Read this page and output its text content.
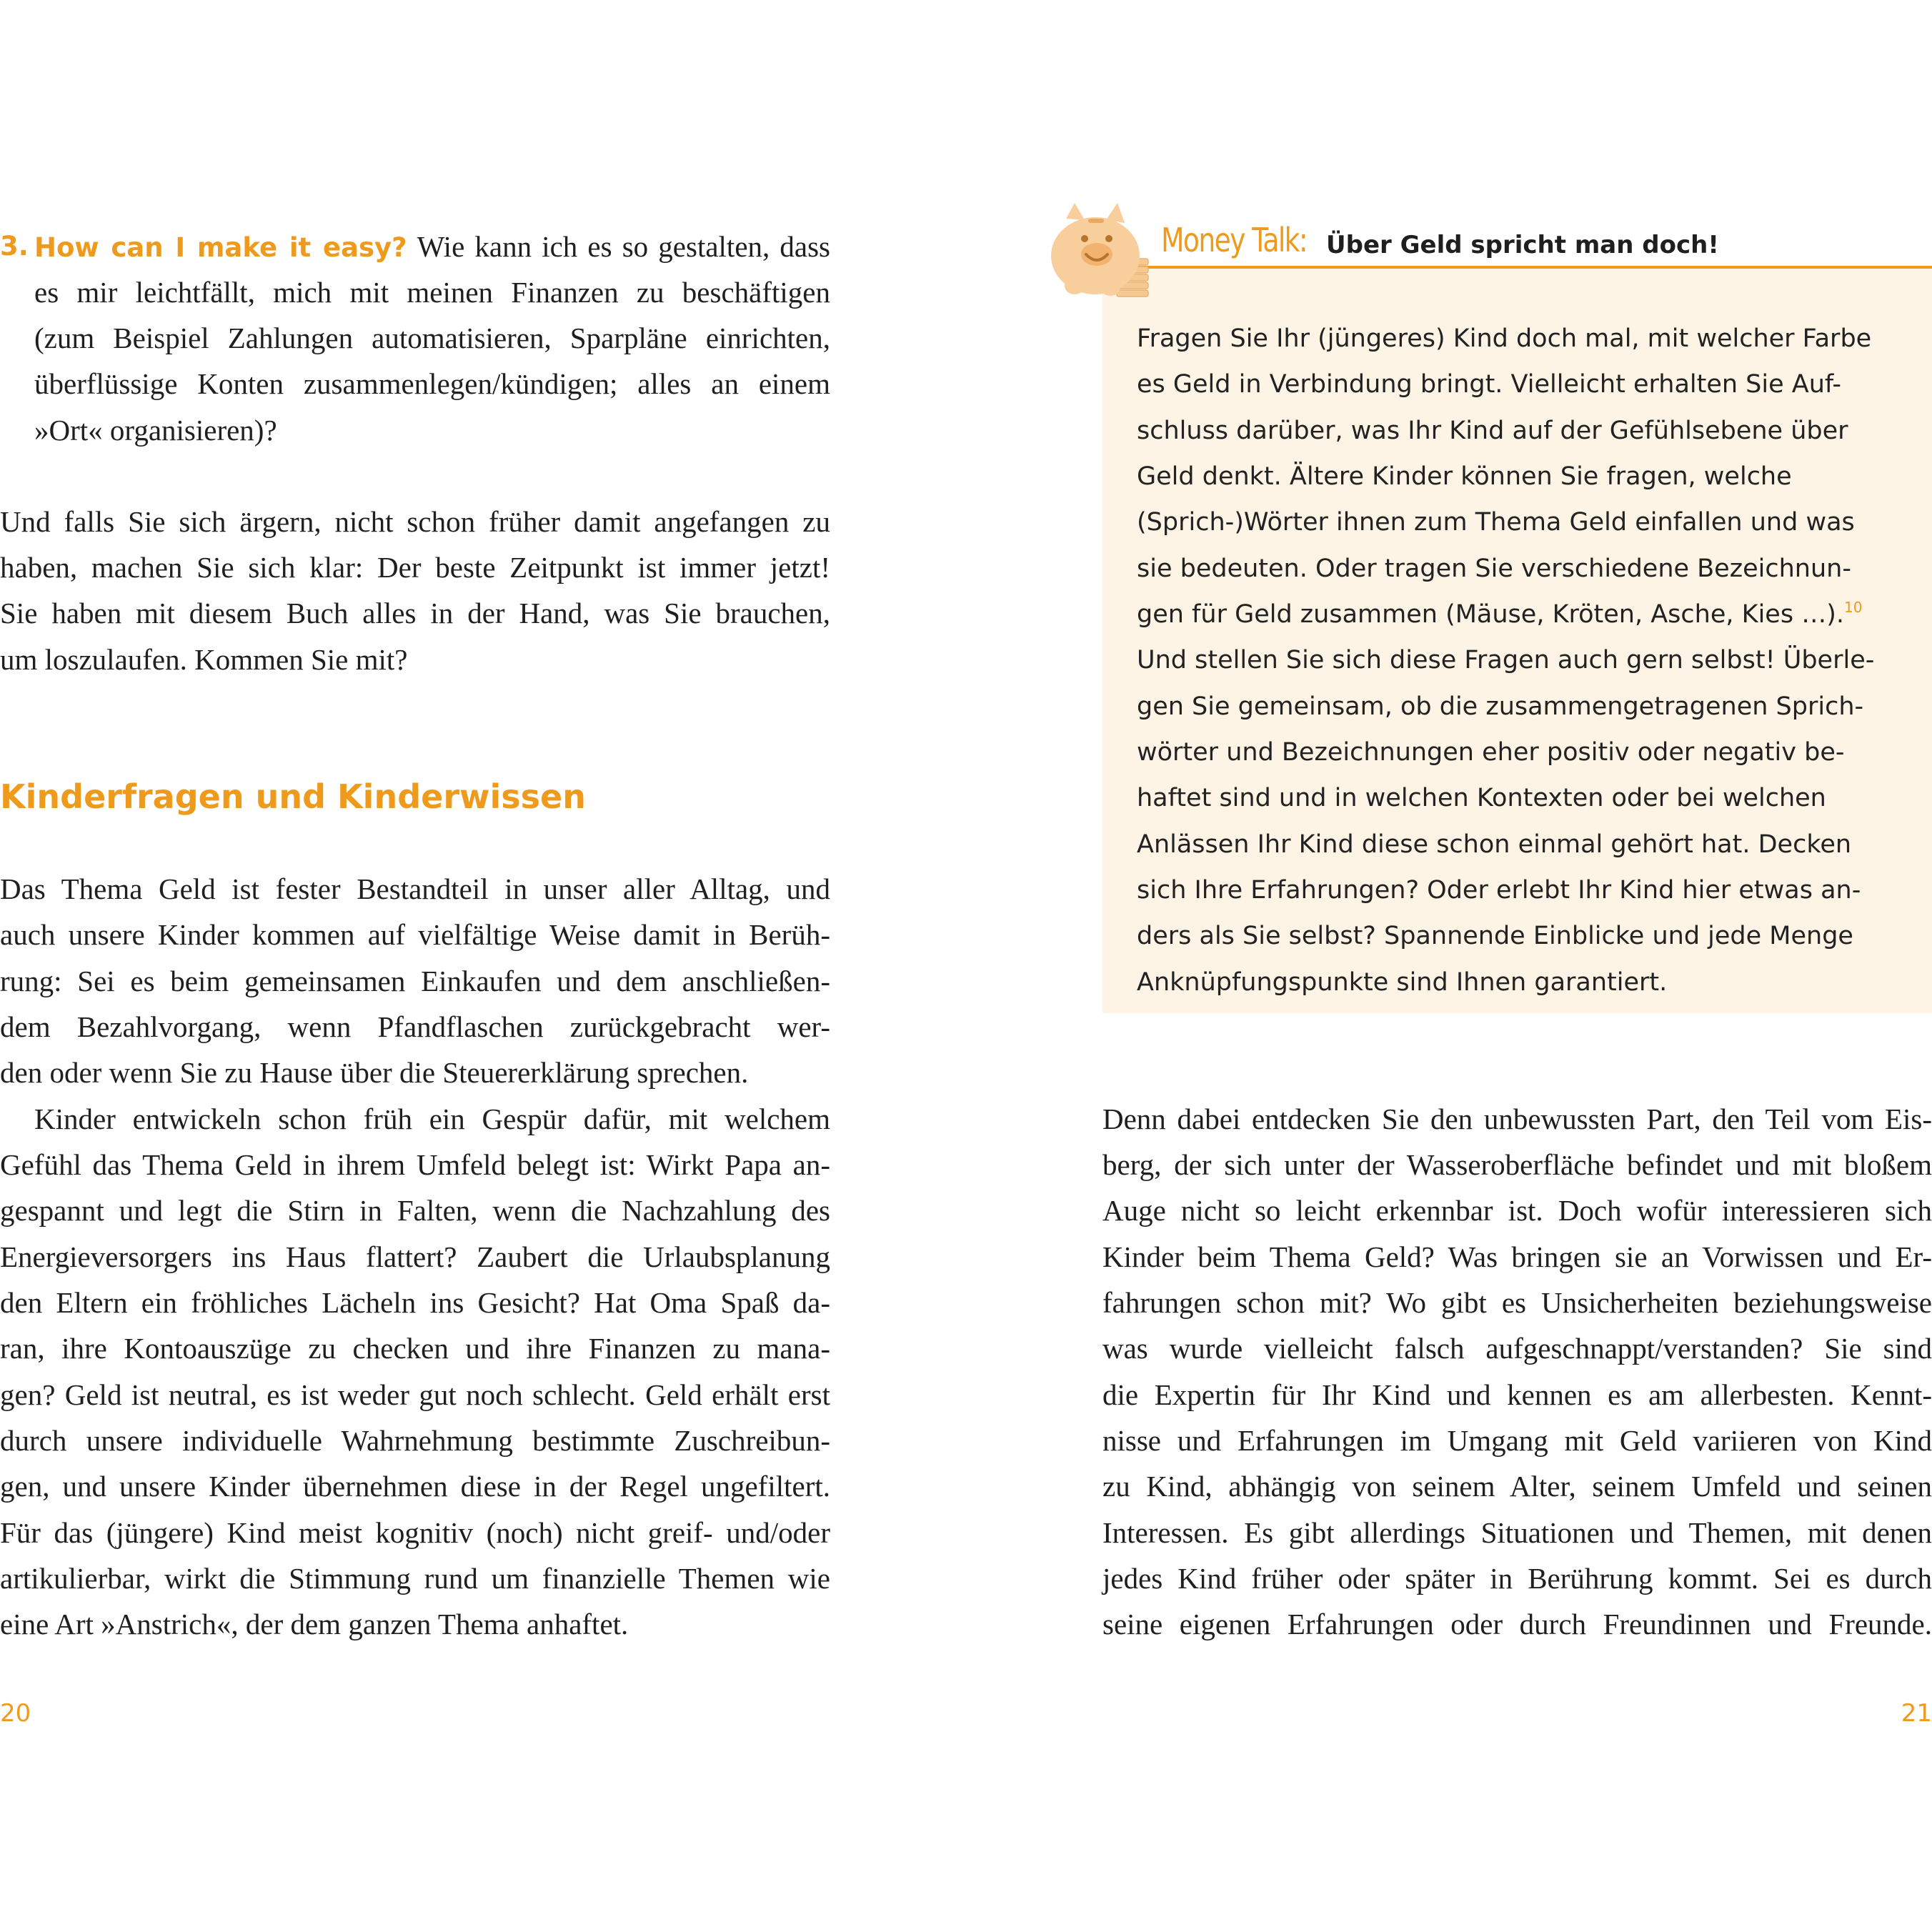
3. How can I make it easy? Wie kann ich es so gestalten, dass
es mir leichtfällt, mich mit meinen Finanzen zu beschäftigen
(zum Beispiel Zahlungen automatisieren, Sparpläne einrichten,
überflüssige Konten zusammenlegen/kündigen; alles an einem
»Ort« organisieren)?
Und falls Sie sich ärgern, nicht schon früher damit angefangen zu
haben, machen Sie sich klar: Der beste Zeitpunkt ist immer jetzt!
Sie haben mit diesem Buch alles in der Hand, was Sie brauchen,
um loszulaufen. Kommen Sie mit?
Kinderfragen und Kinderwissen
Das Thema Geld ist fester Bestandteil in unser aller Alltag, und
auch unsere Kinder kommen auf vielfältige Weise damit in Berüh-
rung: Sei es beim gemeinsamen Einkaufen und dem anschließen-
dem Bezahlvorgang, wenn Pfandflaschen zurückgebracht wer-
den oder wenn Sie zu Hause über die Steuererklärung sprechen.
Kinder entwickeln schon früh ein Gespür dafür, mit welchem
Gefühl das Thema Geld in ihrem Umfeld belegt ist: Wirkt Papa an-
gespannt und legt die Stirn in Falten, wenn die Nachzahlung des
Energieversorgers ins Haus flattert? Zaubert die Urlaubsplanung
den Eltern ein fröhliches Lächeln ins Gesicht? Hat Oma Spaß da-
ran, ihre Kontoauszüge zu checken und ihre Finanzen zu mana-
gen? Geld ist neutral, es ist weder gut noch schlecht. Geld erhält erst
durch unsere individuelle Wahrnehmung bestimmte Zuschreibun-
gen, und unsere Kinder übernehmen diese in der Regel ungefiltert.
Für das (jüngere) Kind meist kognitiv (noch) nicht greif- und/oder
artikulierbar, wirkt die Stimmung rund um finanzielle Themen wie
eine Art »Anstrich«, der dem ganzen Thema anhaftet.
20
Fragen Sie Ihr (jüngeres) Kind doch mal, mit welcher Farbe
es Geld in Verbindung bringt. Vielleicht erhalten Sie Auf-
schluss darüber, was Ihr Kind auf der Gefühlsebene über
Geld denkt. Ältere Kinder können Sie fragen, welche
(Sprich-)Wörter ihnen zum Thema Geld einfallen und was
sie bedeuten. Oder tragen Sie verschiedene Bezeichnun-
gen für Geld zusammen (Mäuse, Kröten, Asche, Kies …).$^{10}$
Und stellen Sie sich diese Fragen auch gern selbst! Überle-
gen Sie gemeinsam, ob die zusammengetragenen Sprich-
wörter und Bezeichnungen eher positiv oder negativ be-
haftet sind und in welchen Kontexten oder bei welchen
Anlässen Ihr Kind diese schon einmal gehört hat. Decken
sich Ihre Erfahrungen? Oder erlebt Ihr Kind hier etwas an-
ders als Sie selbst? Spannende Einblicke und jede Menge
Anknüpfungspunkte sind Ihnen garantiert.
Money Talk: Über Geld spricht man doch!
Denn dabei entdecken Sie den unbewussten Part, den Teil vom Eis-
berg, der sich unter der Wasseroberfläche befindet und mit bloßem
Auge nicht so leicht erkennbar ist. Doch wofür interessieren sich
Kinder beim Thema Geld? Was bringen sie an Vorwissen und Er-
fahrungen schon mit? Wo gibt es Unsicherheiten beziehungsweise
was wurde vielleicht falsch aufgeschnappt/verstanden? Sie sind
die Expertin für Ihr Kind und kennen es am allerbesten. Kennt-
nisse und Erfahrungen im Umgang mit Geld variieren von Kind
zu Kind, abhängig von seinem Alter, seinem Umfeld und seinen
Interessen. Es gibt allerdings Situationen und Themen, mit denen
jedes Kind früher oder später in Berührung kommt. Sei es durch
seine eigenen Erfahrungen oder durch Freundinnen und Freunde.
21
